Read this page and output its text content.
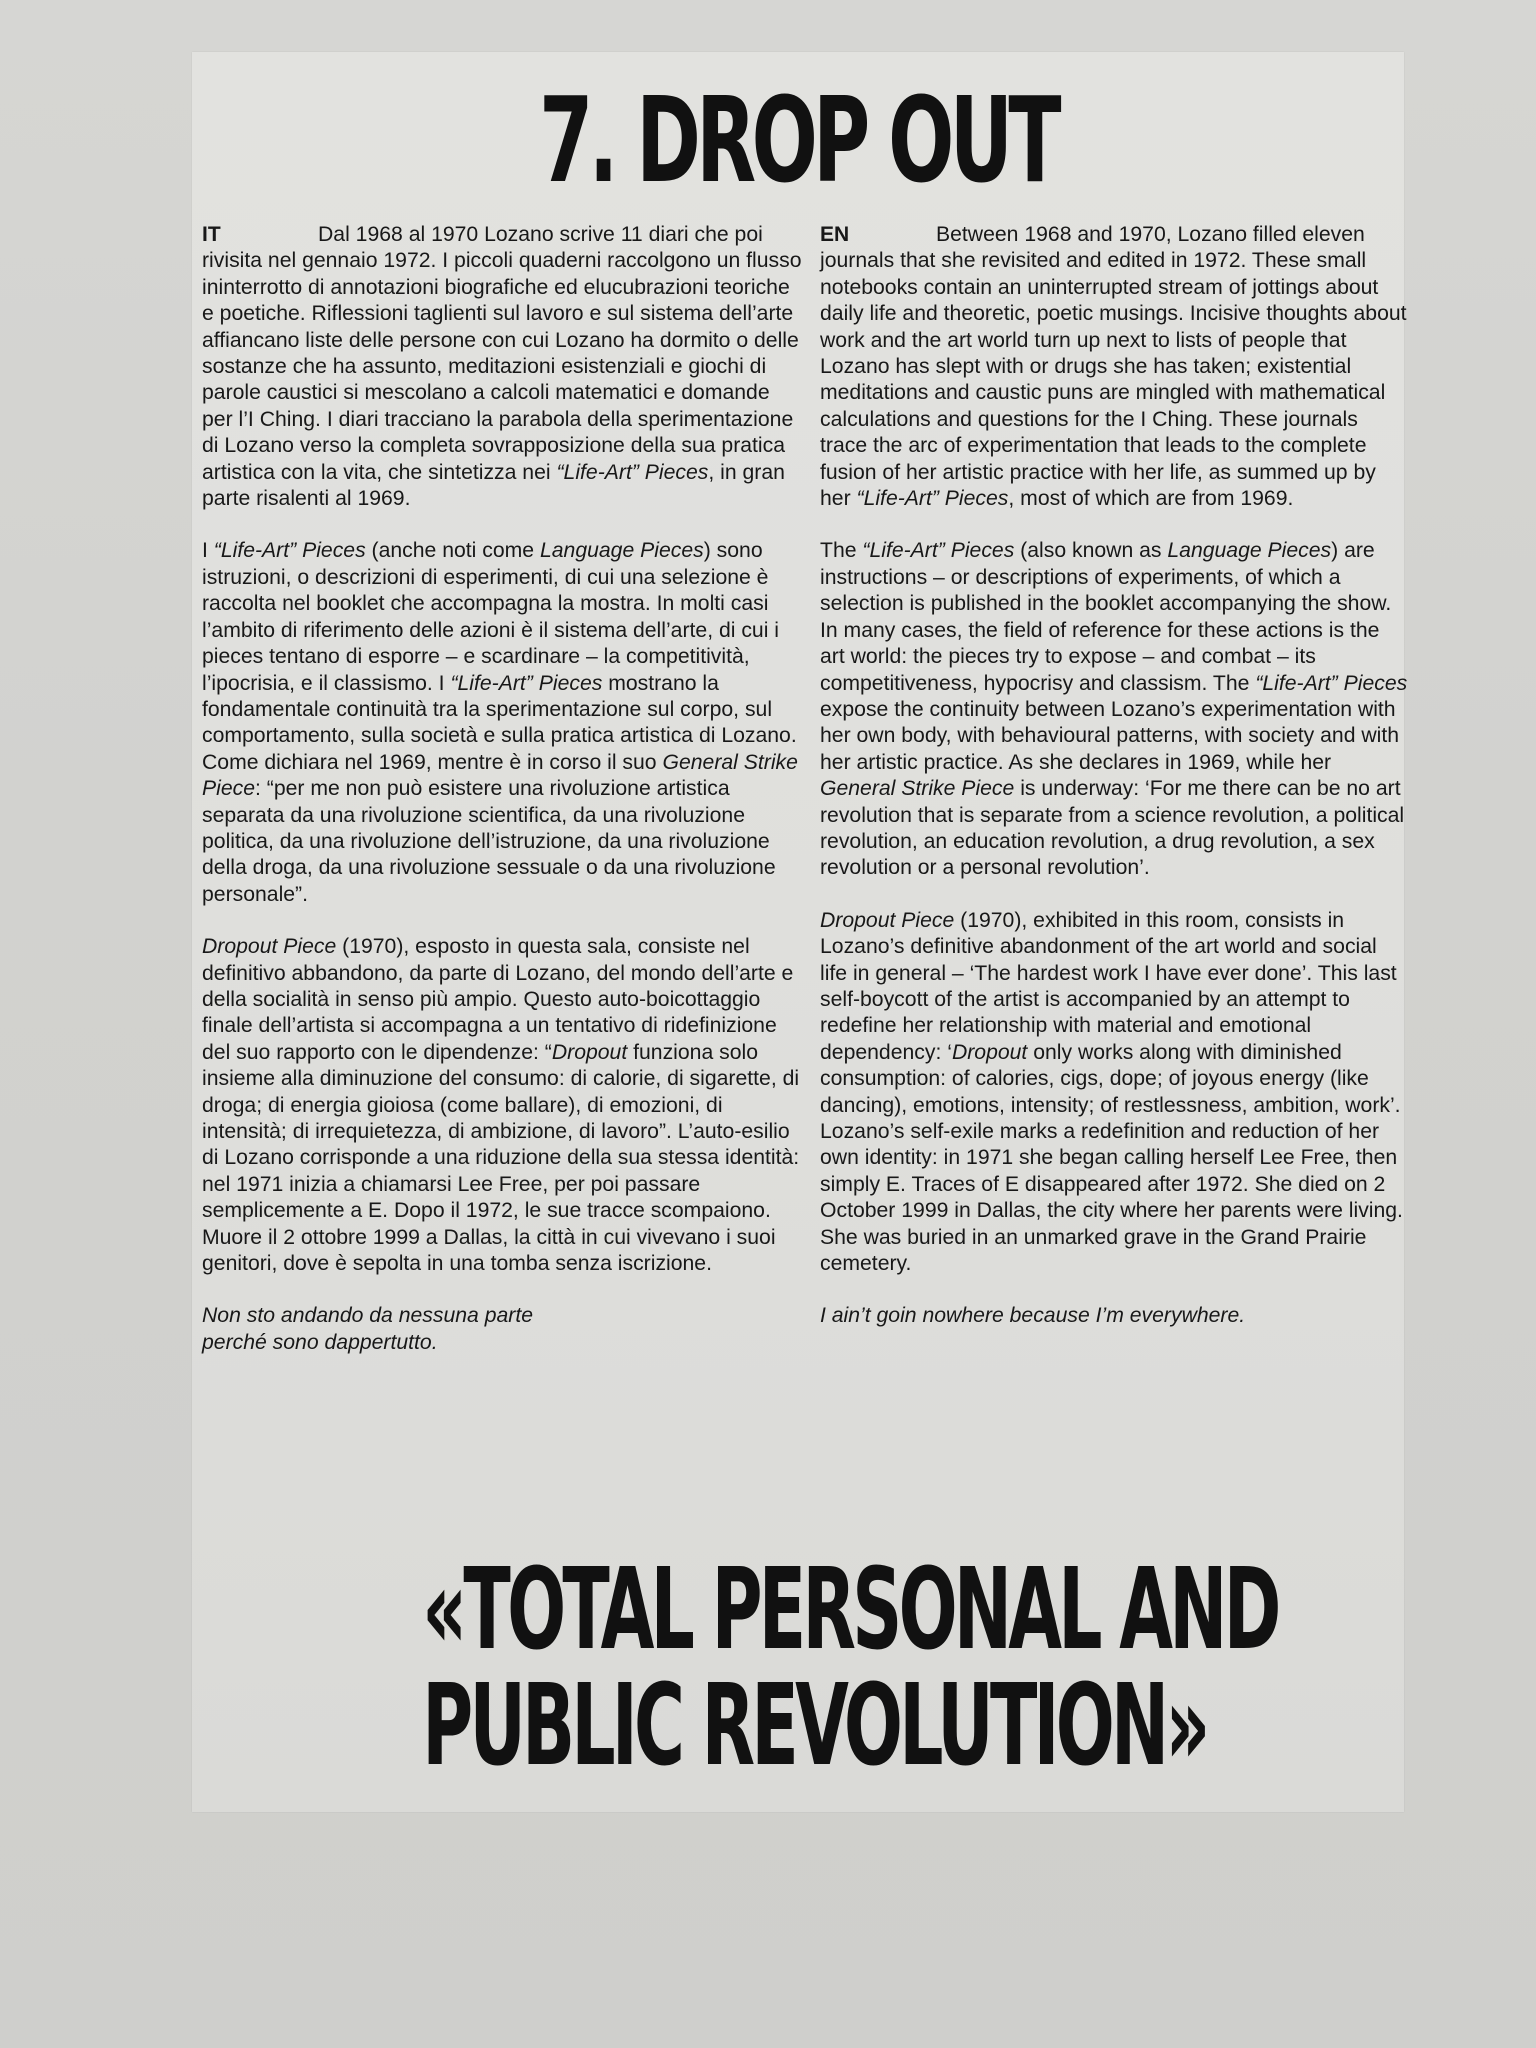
7. DROP OUT

IT	Dal 1968 al 1970 Lozano scrive 11 diari che poi rivisita nel gennaio 1972. I piccoli quaderni raccolgono un flusso ininterrotto di annotazioni biografiche ed elucubrazioni teoriche e poetiche. Riflessioni taglienti sul lavoro e sul sistema dell’arte affiancano liste delle persone con cui Lozano ha dormito o delle sostanze che ha assunto, meditazioni esistenziali e giochi di parole caustici si mescolano a calcoli matematici e domande per l’I Ching. I diari tracciano la parabola della sperimentazione di Lozano verso la completa sovrapposizione della sua pratica artistica con la vita, che sintetizza nei “Life-Art” Pieces, in gran parte risalenti al 1969.

I “Life-Art” Pieces (anche noti come Language Pieces) sono istruzioni, o descrizioni di esperimenti, di cui una selezione è raccolta nel booklet che accompagna la mostra. In molti casi l’ambito di riferimento delle azioni è il sistema dell’arte, di cui i pieces tentano di esporre – e scardinare – la competitività, l’ipocrisia, e il classismo. I “Life-Art” Pieces mostrano la fondamentale continuità tra la sperimentazione sul corpo, sul comportamento, sulla società e sulla pratica artistica di Lozano. Come dichiara nel 1969, mentre è in corso il suo General Strike Piece: “per me non può esistere una rivoluzione artistica separata da una rivoluzione scientifica, da una rivoluzione politica, da una rivoluzione dell’istruzione, da una rivoluzione della droga, da una rivoluzione sessuale o da una rivoluzione personale”.

Dropout Piece (1970), esposto in questa sala, consiste nel definitivo abbandono, da parte di Lozano, del mondo dell’arte e della socialità in senso più ampio. Questo auto-boicottaggio finale dell’artista si accompagna a un tentativo di ridefinizione del suo rapporto con le dipendenze: “Dropout funziona solo insieme alla diminuzione del consumo: di calorie, di sigarette, di droga; di energia gioiosa (come ballare), di emozioni, di intensità; di irrequietezza, di ambizione, di lavoro”. L’auto-esilio di Lozano corrisponde a una riduzione della sua stessa identità: nel 1971 inizia a chiamarsi Lee Free, per poi passare semplicemente a E. Dopo il 1972, le sue tracce scompaiono. Muore il 2 ottobre 1999 a Dallas, la città in cui vivevano i suoi genitori, dove è sepolta in una tomba senza iscrizione.

Non sto andando da nessuna parte
perché sono dappertutto.

EN	Between 1968 and 1970, Lozano filled eleven journals that she revisited and edited in 1972. These small notebooks contain an uninterrupted stream of jottings about daily life and theoretic, poetic musings. Incisive thoughts about work and the art world turn up next to lists of people that Lozano has slept with or drugs she has taken; existential meditations and caustic puns are mingled with mathematical calculations and questions for the I Ching. These journals trace the arc of experimentation that leads to the complete fusion of her artistic practice with her life, as summed up by her “Life-Art” Pieces, most of which are from 1969.

The “Life-Art” Pieces (also known as Language Pieces) are instructions – or descriptions of experiments, of which a selection is published in the booklet accompanying the show. In many cases, the field of reference for these actions is the art world: the pieces try to expose – and combat – its competitiveness, hypocrisy and classism. The “Life-Art” Pieces expose the continuity between Lozano’s experimentation with her own body, with behavioural patterns, with society and with her artistic practice. As she declares in 1969, while her General Strike Piece is underway: ‘For me there can be no art revolution that is separate from a science revolution, a political revolution, an education revolution, a drug revolution, a sex revolution or a personal revolution’.

Dropout Piece (1970), exhibited in this room, consists in Lozano’s definitive abandonment of the art world and social life in general – ‘The hardest work I have ever done’. This last self-boycott of the artist is accompanied by an attempt to redefine her relationship with material and emotional dependency: ‘Dropout only works along with diminished consumption: of calories, cigs, dope; of joyous energy (like dancing), emotions, intensity; of restlessness, ambition, work’. Lozano’s self-exile marks a redefinition and reduction of her own identity: in 1971 she began calling herself Lee Free, then simply E. Traces of E disappeared after 1972. She died on 2 October 1999 in Dallas, the city where her parents were living. She was buried in an unmarked grave in the Grand Prairie cemetery.

I ain’t goin nowhere because I’m everywhere.

«TOTAL PERSONAL AND
PUBLIC REVOLUTION»
